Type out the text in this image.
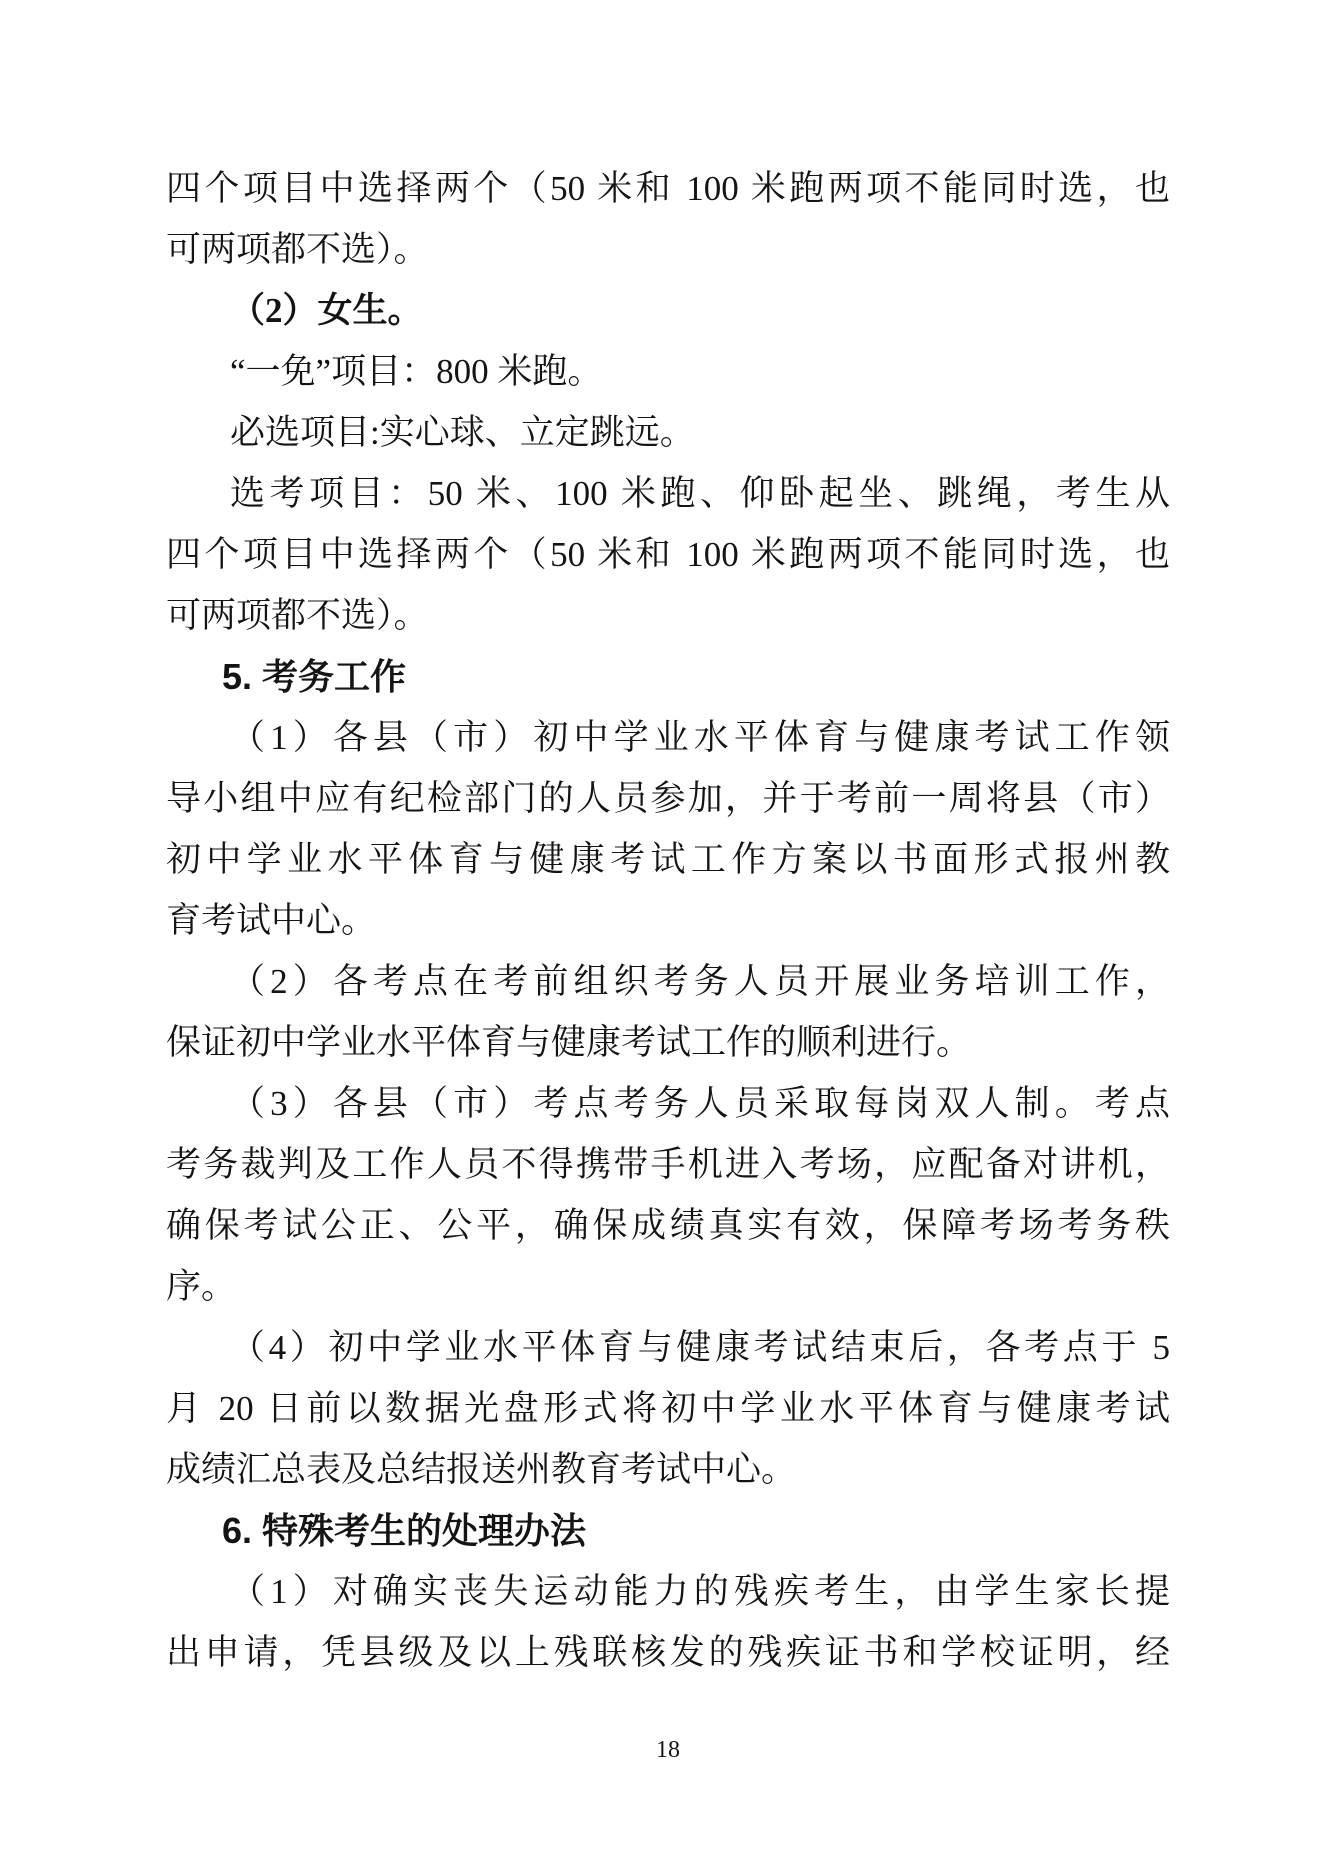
四个项目中选择两个（50 米和 100 米跑两项不能同时选，也
可两项都不选）。
（2）女生。
“一免”项目：800 米跑。
必选项目:实心球、立定跳远。
选考项目：50 米、100 米跑、仰卧起坐、跳绳，考生从
四个项目中选择两个（50 米和 100 米跑两项不能同时选，也
可两项都不选）。
5. 考务工作
（1）各县（市）初中学业水平体育与健康考试工作领
导小组中应有纪检部门的人员参加，并于考前一周将县（市）
初中学业水平体育与健康考试工作方案以书面形式报州教
育考试中心。
（2）各考点在考前组织考务人员开展业务培训工作，
保证初中学业水平体育与健康考试工作的顺利进行。
（3）各县（市）考点考务人员采取每岗双人制。考点
考务裁判及工作人员不得携带手机进入考场，应配备对讲机，
确保考试公正、公平，确保成绩真实有效，保障考场考务秩
序。
（4）初中学业水平体育与健康考试结束后，各考点于 5
月 20 日前以数据光盘形式将初中学业水平体育与健康考试
成绩汇总表及总结报送州教育考试中心。
6. 特殊考生的处理办法
（1）对确实丧失运动能力的残疾考生，由学生家长提
出申请，凭县级及以上残联核发的残疾证书和学校证明，经
18
